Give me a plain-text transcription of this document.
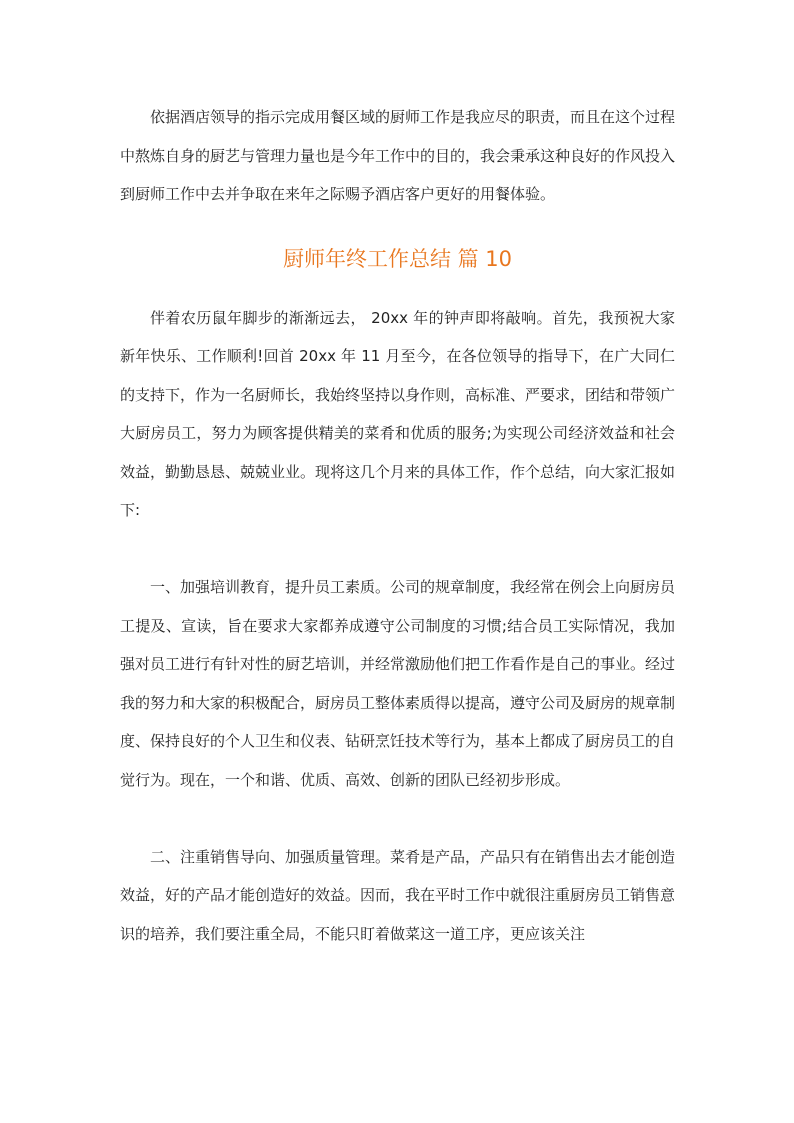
依据酒店领导的指示完成用餐区域的厨师工作是我应尽的职责，而且在这个过程中熬炼自身的厨艺与管理力量也是今年工作中的目的，我会秉承这种良好的作风投入到厨师工作中去并争取在来年之际赐予酒店客户更好的用餐体验。

厨师年终工作总结 篇 10

伴着农历鼠年脚步的渐渐远去， 20xx 年的钟声即将敲响。首先，我预祝大家新年快乐、工作顺利!回首 20xx 年 11 月至今，在各位领导的指导下，在广大同仁的支持下，作为一名厨师长，我始终坚持以身作则，高标准、严要求，团结和带领广大厨房员工，努力为顾客提供精美的菜肴和优质的服务;为实现公司经济效益和社会效益，勤勤恳恳、兢兢业业。现将这几个月来的具体工作，作个总结，向大家汇报如下:

一、加强培训教育，提升员工素质。公司的规章制度，我经常在例会上向厨房员工提及、宣读，旨在要求大家都养成遵守公司制度的习惯;结合员工实际情况，我加强对员工进行有针对性的厨艺培训，并经常激励他们把工作看作是自己的事业。经过我的努力和大家的积极配合，厨房员工整体素质得以提高，遵守公司及厨房的规章制度、保持良好的个人卫生和仪表、钻研烹饪技术等行为，基本上都成了厨房员工的自觉行为。现在，一个和谐、优质、高效、创新的团队已经初步形成。

二、注重销售导向、加强质量管理。菜肴是产品，产品只有在销售出去才能创造效益，好的产品才能创造好的效益。因而，我在平时工作中就很注重厨房员工销售意识的培养，我们要注重全局，不能只盯着做菜这一道工序，更应该关注
